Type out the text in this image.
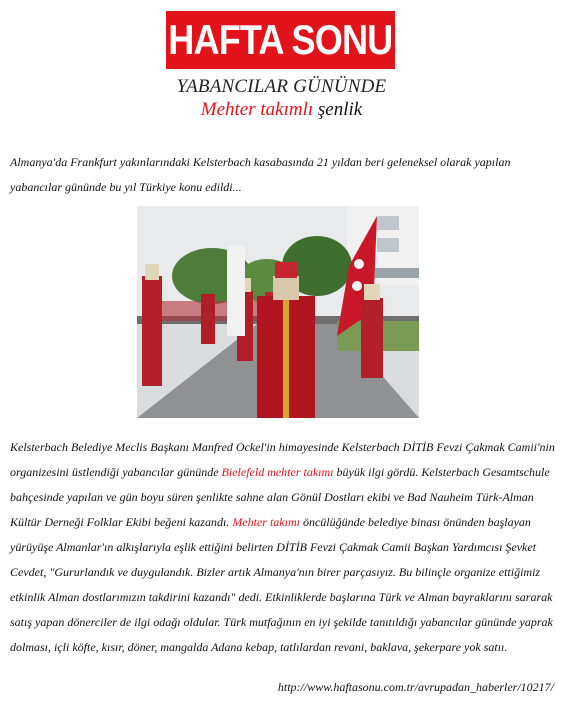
HAFTA SONU
YABANCILAR GÜNÜNDE
Mehter takımlı şenlik
Almanya'da Frankfurt yakınlarındaki Kelsterbach kasabasında 21 yıldan beri geleneksel olarak yapılan yabancılar gününde bu yıl Türkiye konu edildi...
Kelsterbach Belediye Meclis Başkanı Manfred Ockel'in himayesinde Kelsterbach DİTİB Fevzi Çakmak Camii'nin organizesini üstlendiği yabancılar gününde Bielefeld mehter takımı büyük ilgi gördü. Kelsterbach Gesamtschule bahçesinde yapılan ve gün boyu süren şenlikte sahne alan Gönül Dostları ekibi ve Bad Nauheim Türk-Alman Kültür Derneği Folklar Ekibi beğeni kazandı. Mehter takımı öncülüğünde belediye binası önünden başlayan yürüyüşe Almanlar'ın alkışlarıyla eşlik ettiğini belirten DİTİB Fevzi Çakmak Camii Başkan Yardımcısı Şevket Cevdet, "Gururlandık ve duygulandık. Bizler artık Almanya'nın birer parçasıyız. Bu bilinçle organize ettiğimiz etkinlik Alman dostlarımızın takdirini kazandı" dedi. Etkinliklerde başlarına Türk ve Alman bayraklarını sararak satış yapan dönerciler de ilgi odağı oldular. Türk mutfağının en iyi şekilde tanıtıldığı yabancılar gününde yaprak dolması, içli köfte, kısır, döner, mangalda Adana kebap, tatlılardan revani, baklava, şekerpare yok satıı.
http://www.haftasonu.com.tr/avrupadan_haberler/10217/
